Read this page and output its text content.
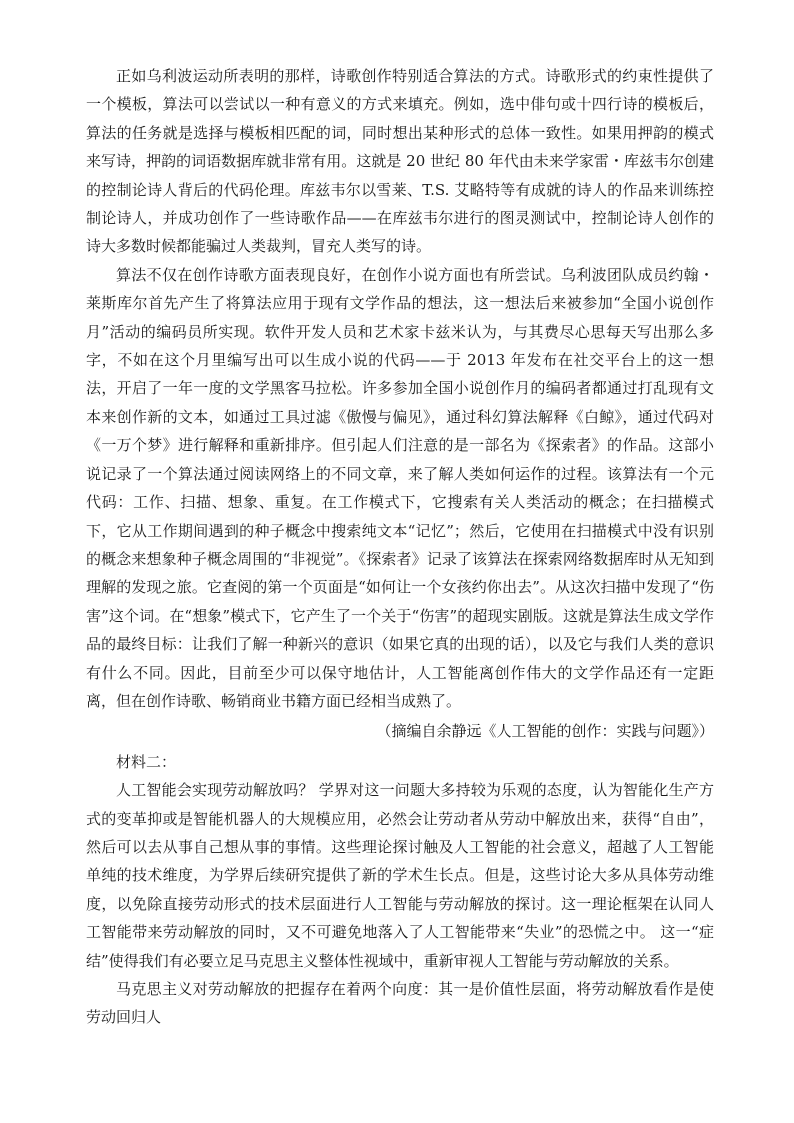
正如乌利波运动所表明的那样，诗歌创作特别适合算法的方式。诗歌形式的约束性提供了一个模板，算法可以尝试以一种有意义的方式来填充。例如，选中俳句或十四行诗的模板后，算法的任务就是选择与模板相匹配的词，同时想出某种形式的总体一致性。如果用押韵的模式来写诗，押韵的词语数据库就非常有用。这就是 20 世纪 80 年代由未来学家雷・库兹韦尔创建的控制论诗人背后的代码伦理。库兹韦尔以雪莱、T.S. 艾略特等有成就的诗人的作品来训练控制论诗人，并成功创作了一些诗歌作品——在库兹韦尔进行的图灵测试中，控制论诗人创作的诗大多数时候都能骗过人类裁判，冒充人类写的诗。

算法不仅在创作诗歌方面表现良好，在创作小说方面也有所尝试。乌利波团队成员约翰・莱斯库尔首先产生了将算法应用于现有文学作品的想法，这一想法后来被参加“全国小说创作月”活动的编码员所实现。软件开发人员和艺术家卡兹米认为，与其费尽心思每天写出那么多字，不如在这个月里编写出可以生成小说的代码——于 2013 年发布在社交平台上的这一想法，开启了一年一度的文学黑客马拉松。许多参加全国小说创作月的编码者都通过打乱现有文本来创作新的文本，如通过工具过滤《傲慢与偏见》，通过科幻算法解释《白鲸》，通过代码对《一万个梦》进行解释和重新排序。但引起人们注意的是一部名为《探索者》的作品。这部小说记录了一个算法通过阅读网络上的不同文章，来了解人类如何运作的过程。该算法有一个元代码：工作、扫描、想象、重复。在工作模式下，它搜索有关人类活动的概念；在扫描模式下，它从工作期间遇到的种子概念中搜索纯文本“记忆”；然后，它使用在扫描模式中没有识别的概念来想象种子概念周围的“非视觉”。《探索者》记录了该算法在探索网络数据库时从无知到理解的发现之旅。它查阅的第一个页面是“如何让一个女孩约你出去”。从这次扫描中发现了“伤害”这个词。在“想象”模式下，它产生了一个关于“伤害”的超现实剧版。这就是算法生成文学作品的最终目标：让我们了解一种新兴的意识（如果它真的出现的话），以及它与我们人类的意识有什么不同。因此，目前至少可以保守地估计，人工智能离创作伟大的文学作品还有一定距离，但在创作诗歌、畅销商业书籍方面已经相当成熟了。

（摘编自余静远《人工智能的创作：实践与问题》）

材料二：

人工智能会实现劳动解放吗？ 学界对这一问题大多持较为乐观的态度，认为智能化生产方式的变革抑或是智能机器人的大规模应用，必然会让劳动者从劳动中解放出来，获得“自由”，然后可以去从事自己想从事的事情。这些理论探讨触及人工智能的社会意义，超越了人工智能单纯的技术维度，为学界后续研究提供了新的学术生长点。但是，这些讨论大多从具体劳动维度，以免除直接劳动形式的技术层面进行人工智能与劳动解放的探讨。这一理论框架在认同人工智能带来劳动解放的同时，又不可避免地落入了人工智能带来“失业”的恐慌之中。 这一“症结”使得我们有必要立足马克思主义整体性视域中，重新审视人工智能与劳动解放的关系。

马克思主义对劳动解放的把握存在着两个向度：其一是价值性层面，将劳动解放看作是使劳动回归人
